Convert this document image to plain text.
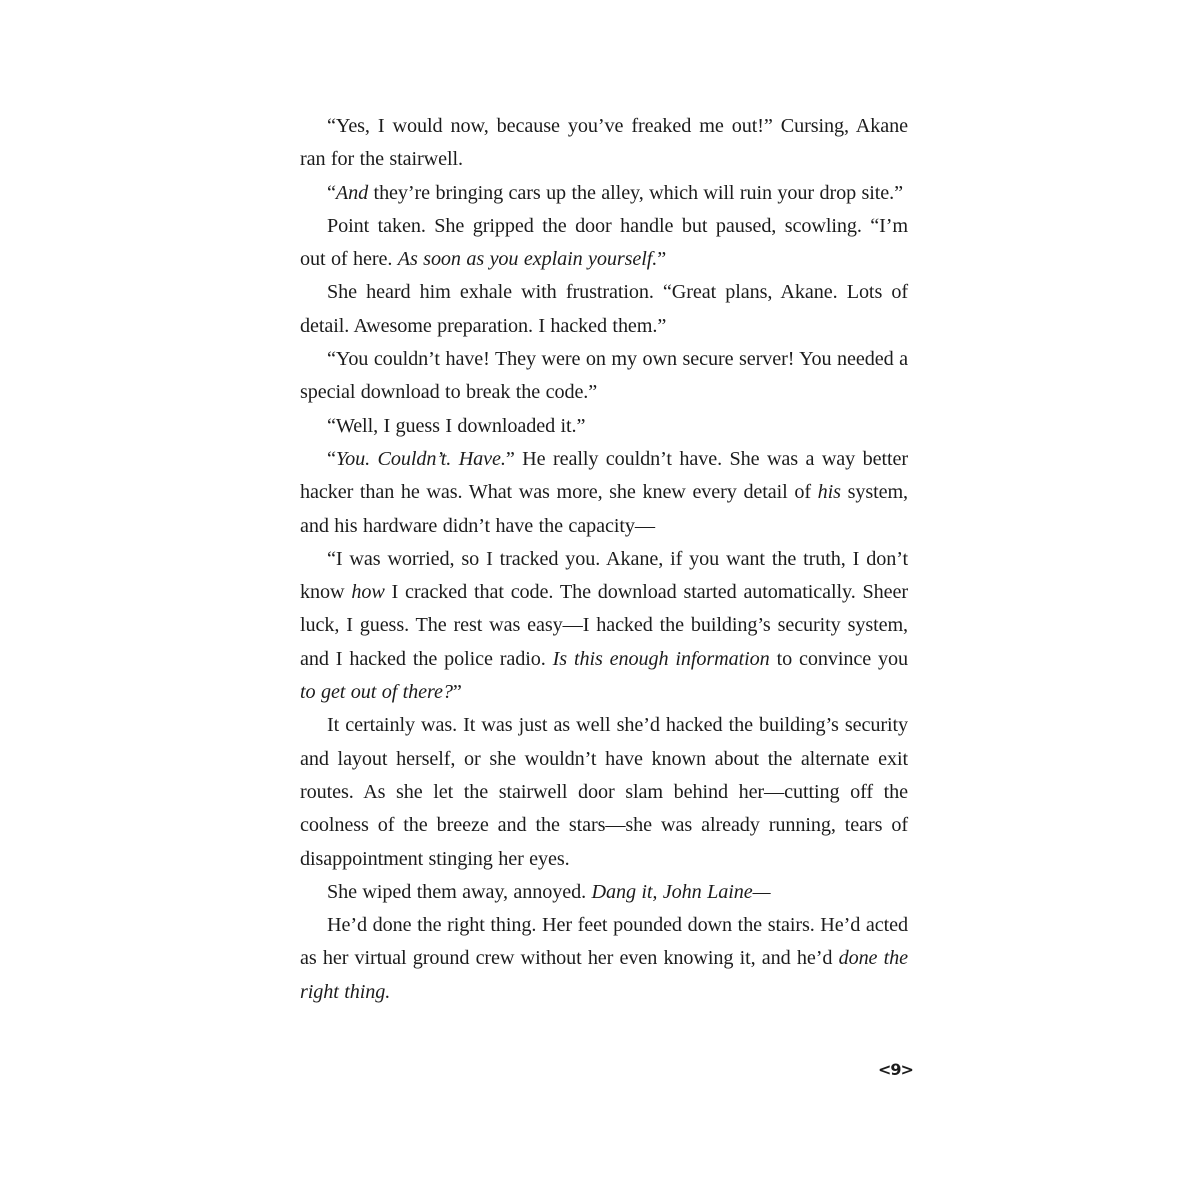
“Yes, I would now, because you’ve freaked me out!” Cursing, Akane ran for the stairwell.

“And they’re bringing cars up the alley, which will ruin your drop site.”

Point taken. She gripped the door handle but paused, scowling. “I’m out of here. As soon as you explain yourself.”

She heard him exhale with frustration. “Great plans, Akane. Lots of detail. Awesome preparation. I hacked them.”

“You couldn’t have! They were on my own secure server! You needed a special download to break the code.”

“Well, I guess I downloaded it.”

“You. Couldn’t. Have.” He really couldn’t have. She was a way better hacker than he was. What was more, she knew every detail of his system, and his hardware didn’t have the capacity—

“I was worried, so I tracked you. Akane, if you want the truth, I don’t know how I cracked that code. The download started automatically. Sheer luck, I guess. The rest was easy—I hacked the building’s security system, and I hacked the police radio. Is this enough information to convince you to get out of there?”

It certainly was. It was just as well she’d hacked the building’s security and layout herself, or she wouldn’t have known about the alternate exit routes. As she let the stairwell door slam behind her—cutting off the coolness of the breeze and the stars—she was already running, tears of disappointment stinging her eyes.

She wiped them away, annoyed. Dang it, John Laine—

He’d done the right thing. Her feet pounded down the stairs. He’d acted as her virtual ground crew without her even knowing it, and he’d done the right thing.

<9>
